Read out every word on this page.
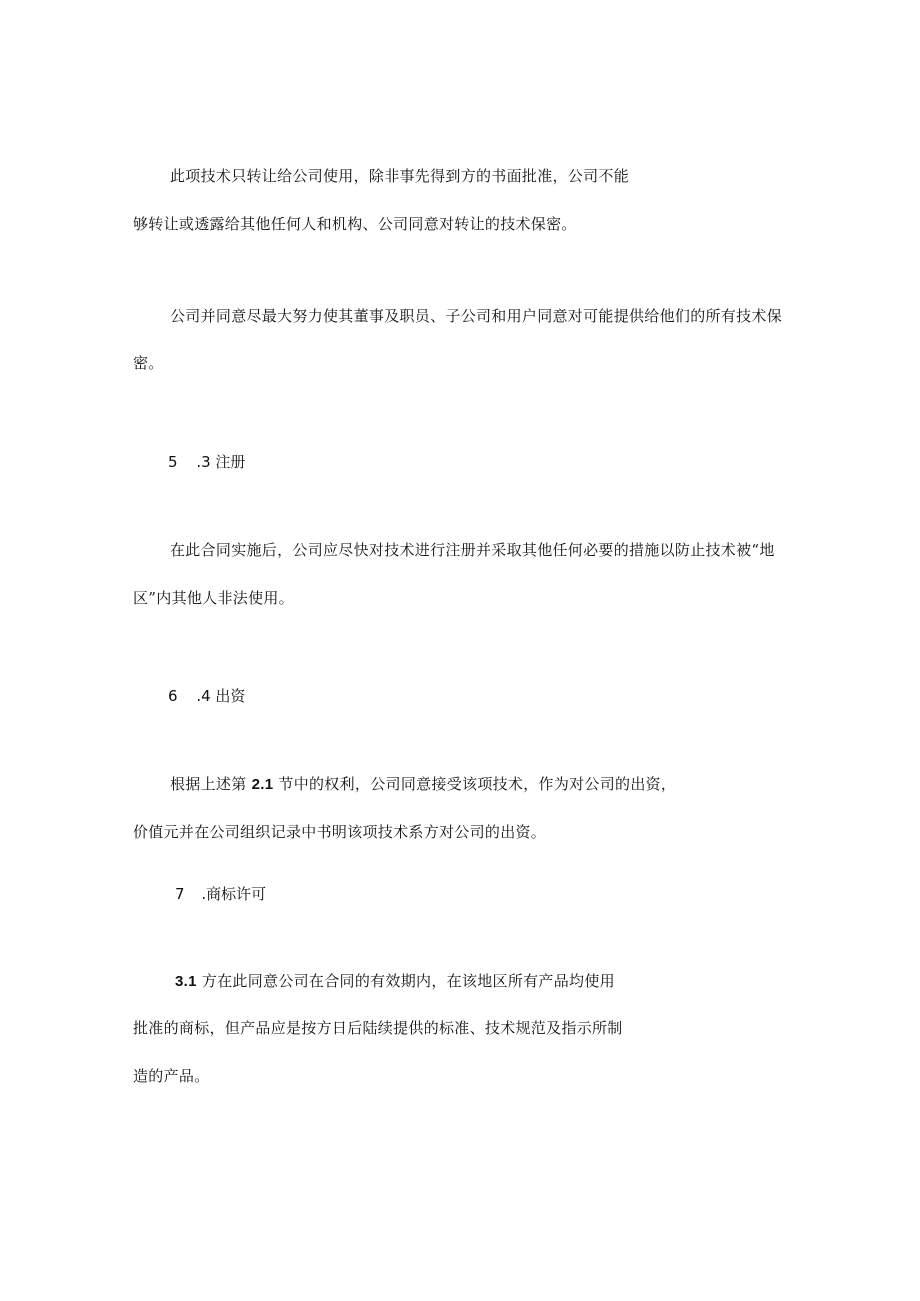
此项技术只转让给公司使用，除非事先得到方的书面批准，公司不能
够转让或透露给其他任何人和机构、公司同意对转让的技术保密。
公司并同意尽最大努力使其董事及职员、子公司和用户同意对可能提供给他们的所有技术保
密。
5 .3 注册
在此合同实施后，公司应尽快对技术进行注册并采取其他任何必要的措施以防止技术被“地
区”内其他人非法使用。
6 .4 出资
根据上述第 2.1 节中的权利，公司同意接受该项技术，作为对公司的出资，
价值元并在公司组织记录中书明该项技术系方对公司的出资。
7 .商标许可
3.1 方在此同意公司在合同的有效期内，在该地区所有产品均使用
批准的商标，但产品应是按方日后陆续提供的标准、技术规范及指示所制
造的产品。
